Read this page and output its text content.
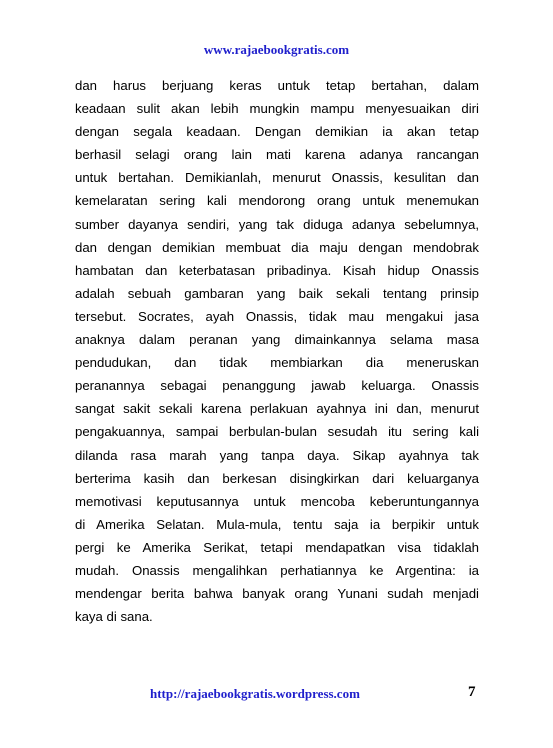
www.rajaebookgratis.com
dan harus berjuang keras untuk tetap bertahan, dalam
keadaan sulit akan lebih mungkin mampu menyesuaikan diri
dengan segala keadaan. Dengan demikian ia akan tetap
berhasil selagi orang lain mati karena adanya rancangan
untuk bertahan. Demikianlah, menurut Onassis, kesulitan dan
kemelaratan sering kali mendorong orang untuk menemukan
sumber dayanya sendiri, yang tak diduga adanya sebelumnya,
dan dengan demikian membuat dia maju dengan mendobrak
hambatan dan keterbatasan pribadinya. Kisah hidup Onassis
adalah sebuah gambaran yang baik sekali tentang prinsip
tersebut. Socrates, ayah Onassis, tidak mau mengakui jasa
anaknya dalam peranan yang dimainkannya selama masa
pendudukan, dan tidak membiarkan dia meneruskan
peranannya sebagai penanggung jawab keluarga. Onassis
sangat sakit sekali karena perlakuan ayahnya ini dan, menurut
pengakuannya, sampai berbulan-bulan sesudah itu sering kali
dilanda rasa marah yang tanpa daya. Sikap ayahnya tak
berterima kasih dan berkesan disingkirkan dari keluarganya
memotivasi keputusannya untuk mencoba keberuntungannya
di Amerika Selatan. Mula-mula, tentu saja ia berpikir untuk
pergi ke Amerika Serikat, tetapi mendapatkan visa tidaklah
mudah. Onassis mengalihkan perhatiannya ke Argentina: ia
mendengar berita bahwa banyak orang Yunani sudah menjadi
kaya di sana.
http://rajaebookgratis.wordpress.com	7
